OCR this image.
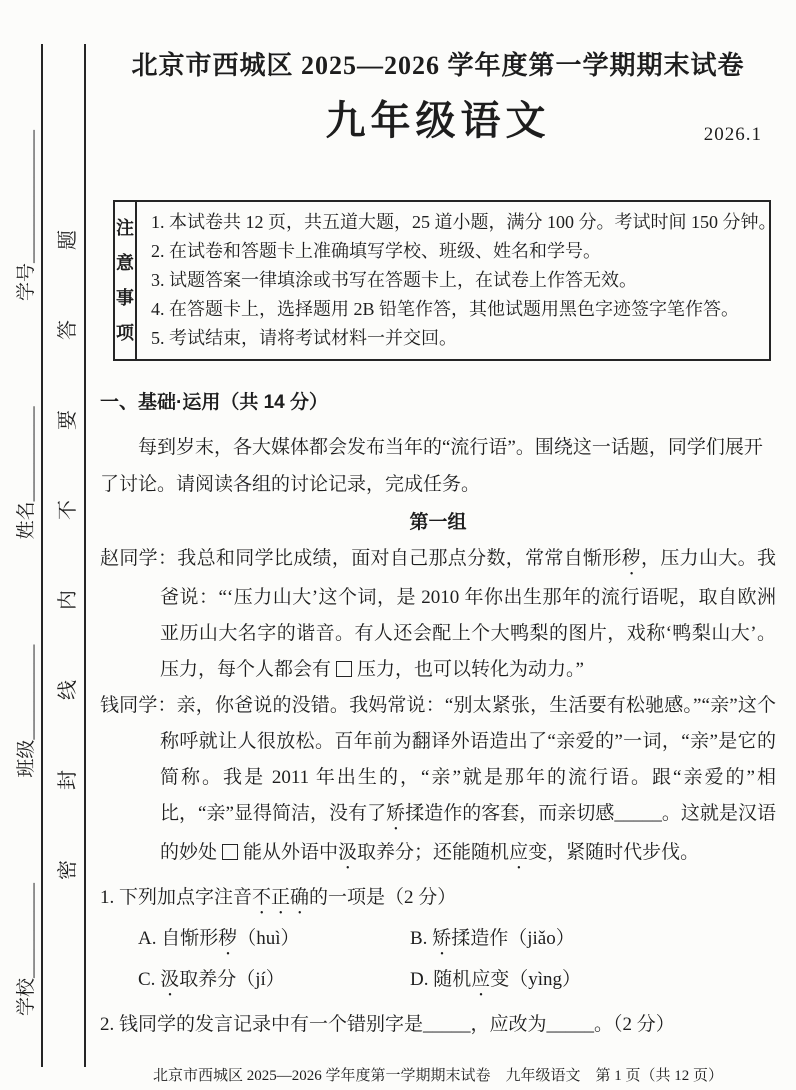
学校__________
班级__________
姓名__________
学号______________
密
封
线
内
不
要
答
题
北京市西城区 2025—2026 学年度第一学期期末试卷
九年级语文	2026.1
注意事项
1. 本试卷共 12 页，共五道大题，25 道小题，满分 100 分。考试时间 150 分钟。
2. 在试卷和答题卡上准确填写学校、班级、姓名和学号。
3. 试题答案一律填涂或书写在答题卡上，在试卷上作答无效。
4. 在答题卡上，选择题用 2B 铅笔作答，其他试题用黑色字迹签字笔作答。
5. 考试结束，请将考试材料一并交回。
一、基础·运用（共 14 分）

每到岁末，各大媒体都会发布当年的“流行语”。围绕这一话题，同学们展开了讨论。请阅读各组的讨论记录，完成任务。

第一组

赵同学：我总和同学比成绩，面对自己那点分数，常常自惭形秽，压力山大。我爸说：“‘压力山大’这个词，是 2010 年你出生那年的流行语呢，取自欧洲亚历山大名字的谐音。有人还会配上个大鸭梨的图片，戏称‘鸭梨山大’。压力，每个人都会有 压力，也可以转化为动力。”

钱同学：亲，你爸说的没错。我妈常说：“别太紧张，生活要有松驰感。”“亲”这个称呼就让人很放松。百年前为翻译外语造出了“亲爱的”一词，“亲”是它的简称。我是 2011 年出生的，“亲”就是那年的流行语。跟“亲爱的”相比，“亲”显得简洁，没有了矫揉造作的客套，而亲切感_____。这就是汉语的妙处 能从外语中汲取养分；还能随机应变，紧随时代步伐。

1. 下列加点字注音不正确的一项是（2 分）
A. 自惭形秽（huì）	B. 矫揉造作（jiǎo）
C. 汲取养分（jí）	D. 随机应变（yìng）
2. 钱同学的发言记录中有一个错别字是_____，应改为_____。（2 分）
北京市西城区 2025—2026 学年度第一学期期末试卷　九年级语文　第 1 页（共 12 页）
